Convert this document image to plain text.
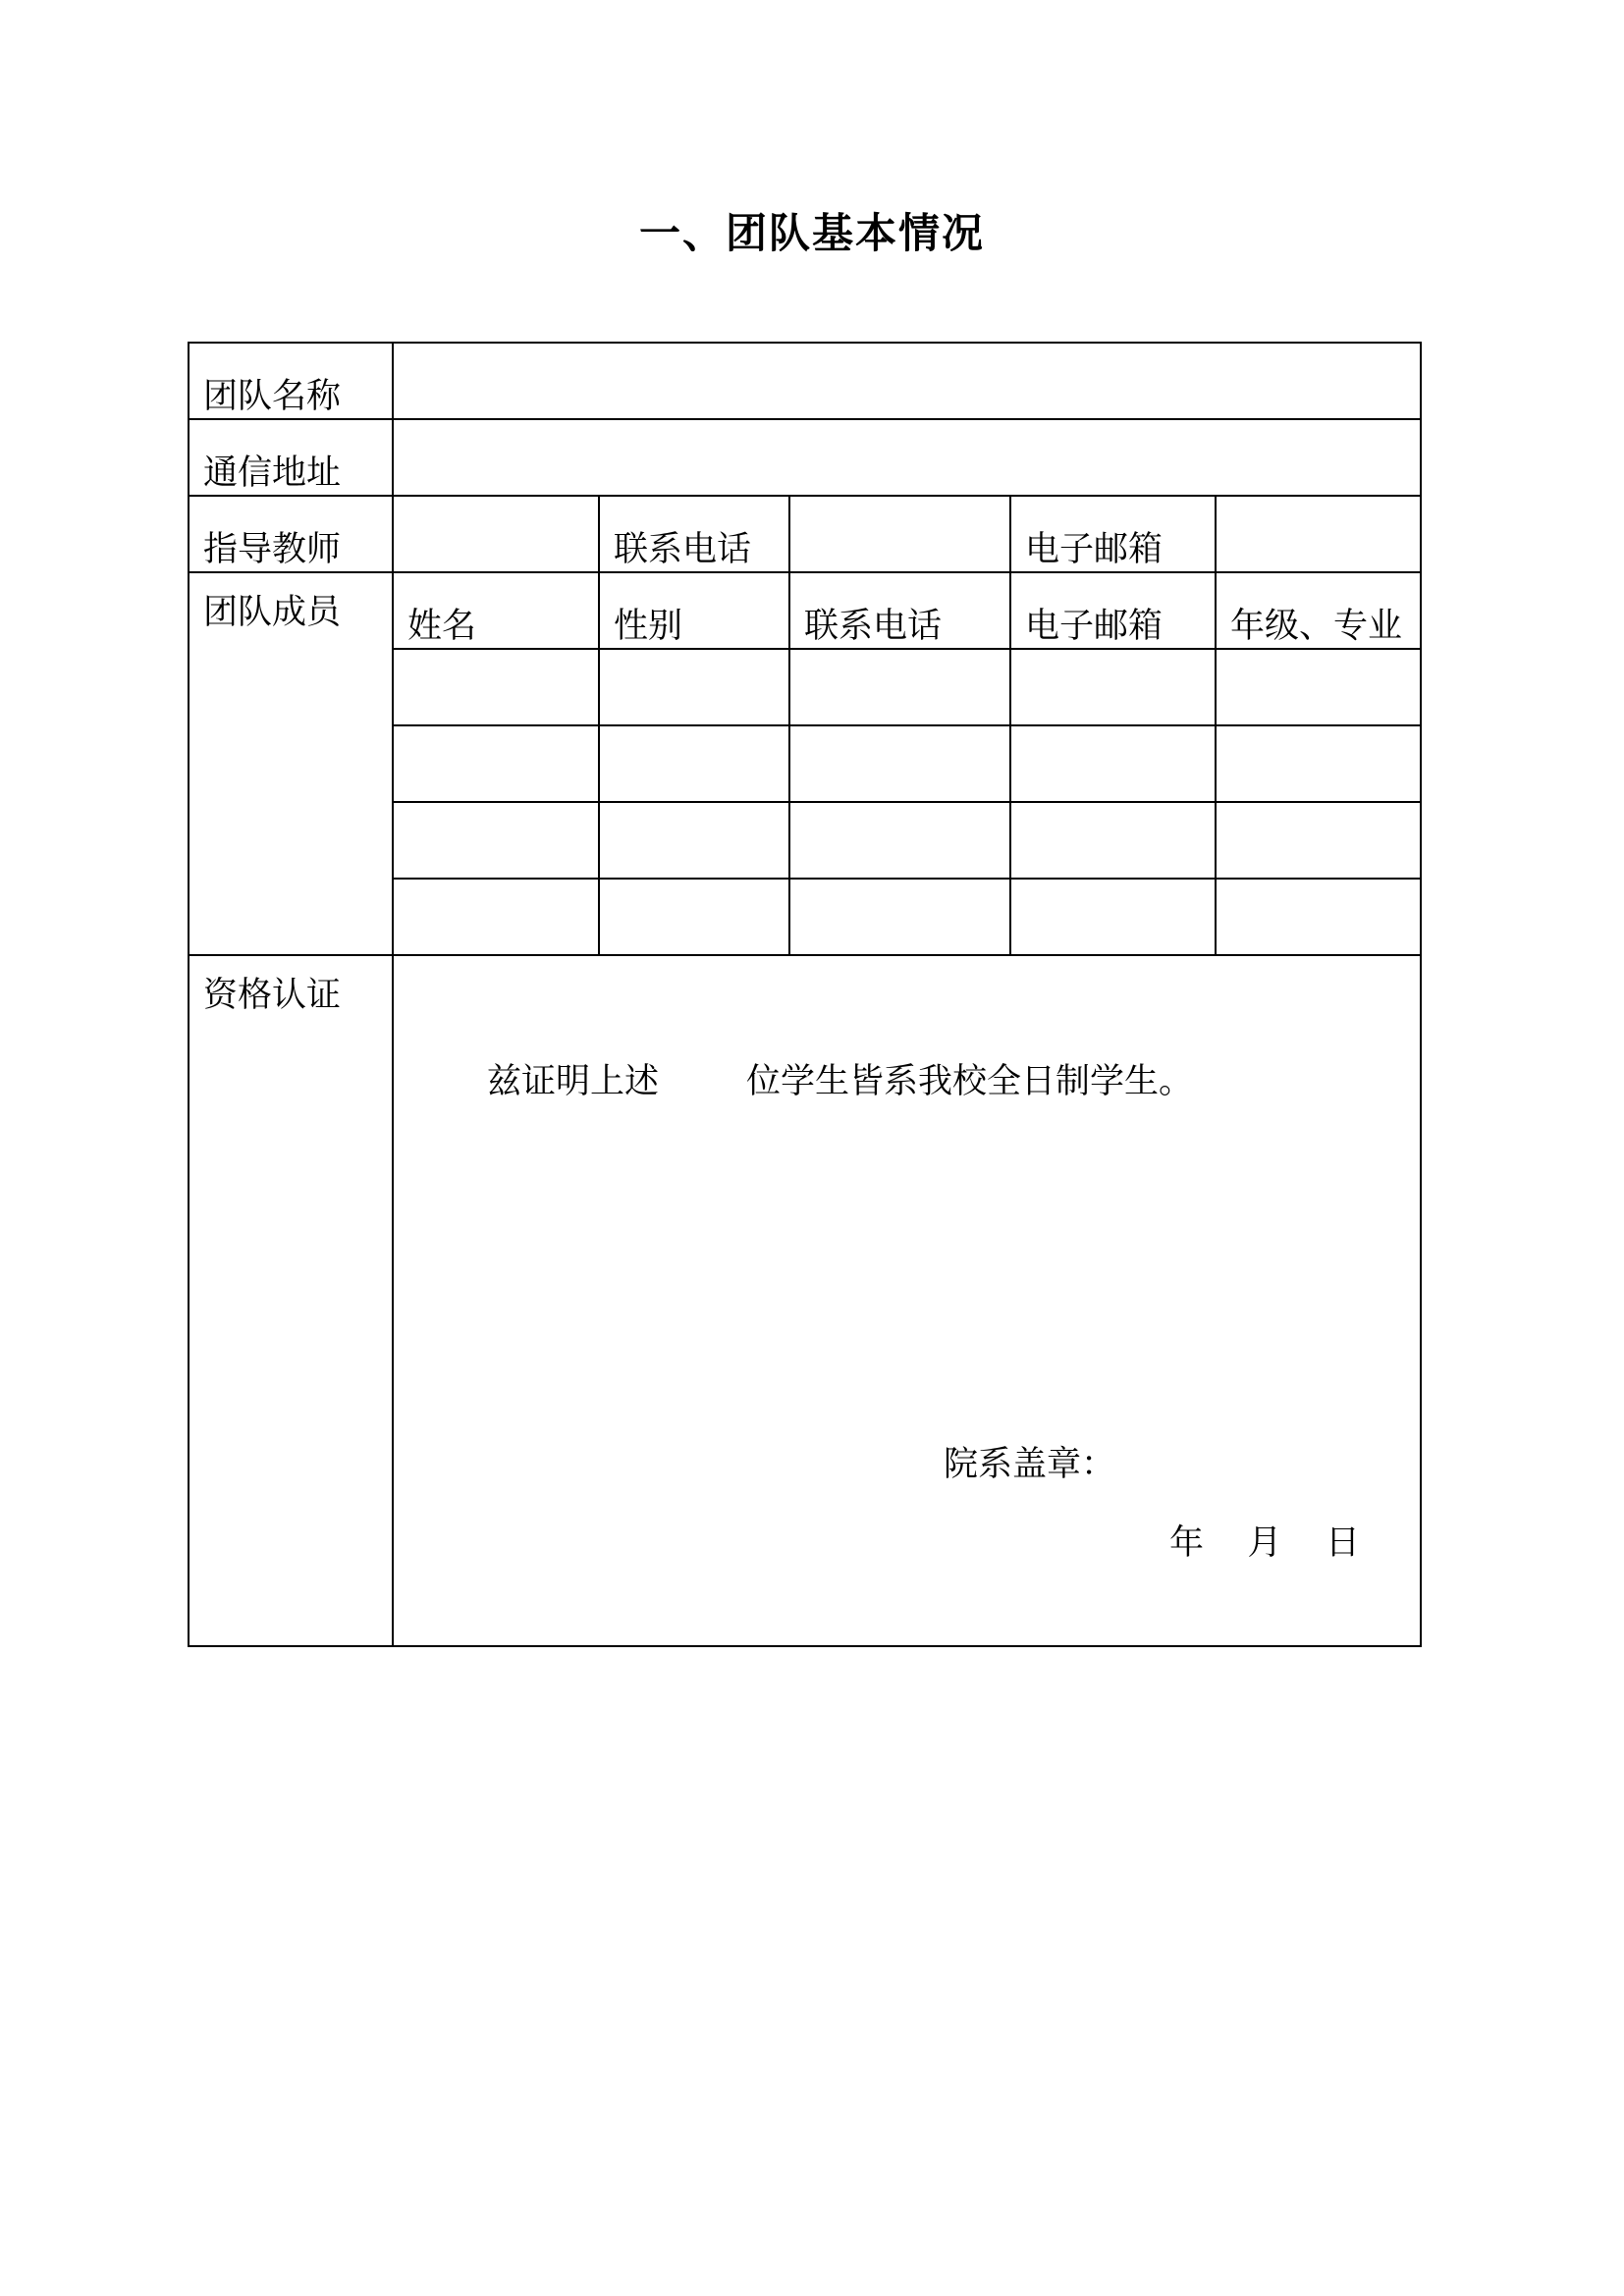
一、团队基本情况
团队名称					
通信地址					
指导教师		联系电话		电子邮箱	
团队成员	姓名	性别	联系电话	电子邮箱	年级、专业

资格认证	兹证明上述        位学生皆系我校全日制学生。
院系盖章：
年    月    日				
